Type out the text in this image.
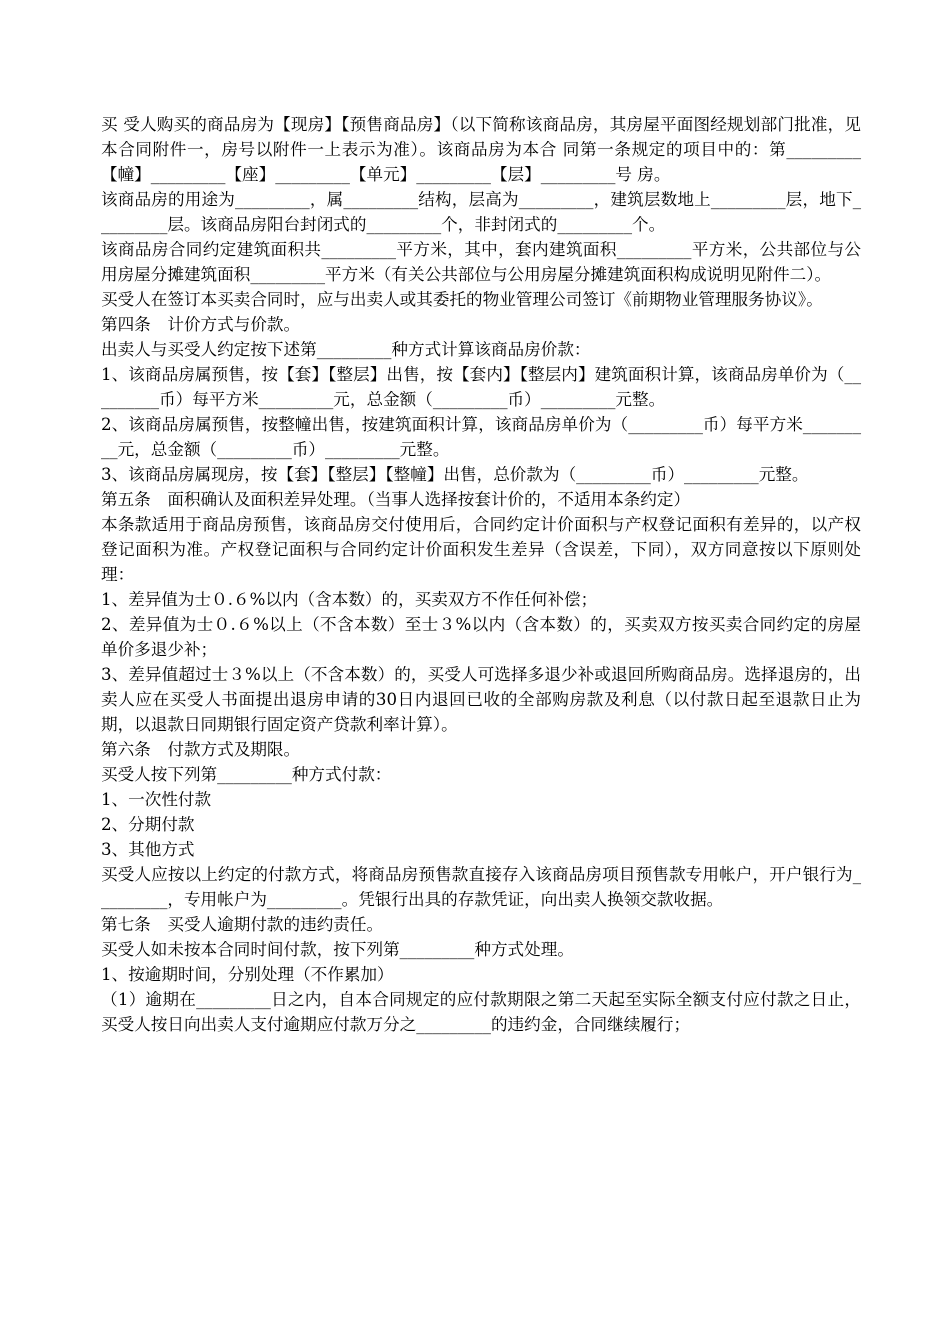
买 受人购买的商品房为【现房】【预售商品房】（以下简称该商品房，其房屋平面图经规划部门批准，见本合同附件一，房号以附件一上表示为准）。该商品房为本合 同第一条规定的项目中的：第_________【幢】_________【座】_________【单元】_________【层】_________号 房。

该商品房的用途为_________，属_________结构，层高为_________，建筑层数地上_________层，地下_________层。该商品房阳台封闭式的_________个，非封闭式的_________个。

该商品房合同约定建筑面积共_________平方米，其中，套内建筑面积_________平方米，公共部位与公用房屋分摊建筑面积_________平方米（有关公共部位与公用房屋分摊建筑面积构成说明见附件二）。

买受人在签订本买卖合同时，应与出卖人或其委托的物业管理公司签订《前期物业管理服务协议》。

第四条　计价方式与价款。

出卖人与买受人约定按下述第_________种方式计算该商品房价款：

1、该商品房属预售，按【套】【整层】出售，按【套内】【整层内】建筑面积计算，该商品房单价为（_________币）每平方米_________元，总金额（_________币）_________元整。

2、该商品房属预售，按整幢出售，按建筑面积计算，该商品房单价为（_________币）每平方米_________元，总金额（_________币）_________元整。

3、该商品房属现房，按【套】【整层】【整幢】出售，总价款为（_________币）_________元整。

第五条　面积确认及面积差异处理。（当事人选择按套计价的，不适用本条约定）

本条款适用于商品房预售，该商品房交付使用后，合同约定计价面积与产权登记面积有差异的，以产权登记面积为准。产权登记面积与合同约定计价面积发生差异（含误差，下同），双方同意按以下原则处理：

1、差异值为士０.６%以内（含本数）的，买卖双方不作任何补偿；

2、差异值为士０.６%以上（不含本数）至士３%以内（含本数）的，买卖双方按买卖合同约定的房屋单价多退少补；

3、差异值超过士３%以上（不含本数）的，买受人可选择多退少补或退回所购商品房。选择退房的，出卖人应在买受人书面提出退房申请的30日内退回已收的全部购房款及利息（以付款日起至退款日止为期，以退款日同期银行固定资产贷款利率计算）。

第六条　付款方式及期限。

买受人按下列第_________种方式付款：

1、一次性付款

2、分期付款

3、其他方式

买受人应按以上约定的付款方式，将商品房预售款直接存入该商品房项目预售款专用帐户，开户银行为_________，专用帐户为_________。凭银行出具的存款凭证，向出卖人换领交款收据。

第七条　买受人逾期付款的违约责任。

买受人如未按本合同时间付款，按下列第_________种方式处理。

1、按逾期时间，分别处理（不作累加）

（1）逾期在_________日之内，自本合同规定的应付款期限之第二天起至实际全额支付应付款之日止，买受人按日向出卖人支付逾期应付款万分之_________的违约金，合同继续履行；
